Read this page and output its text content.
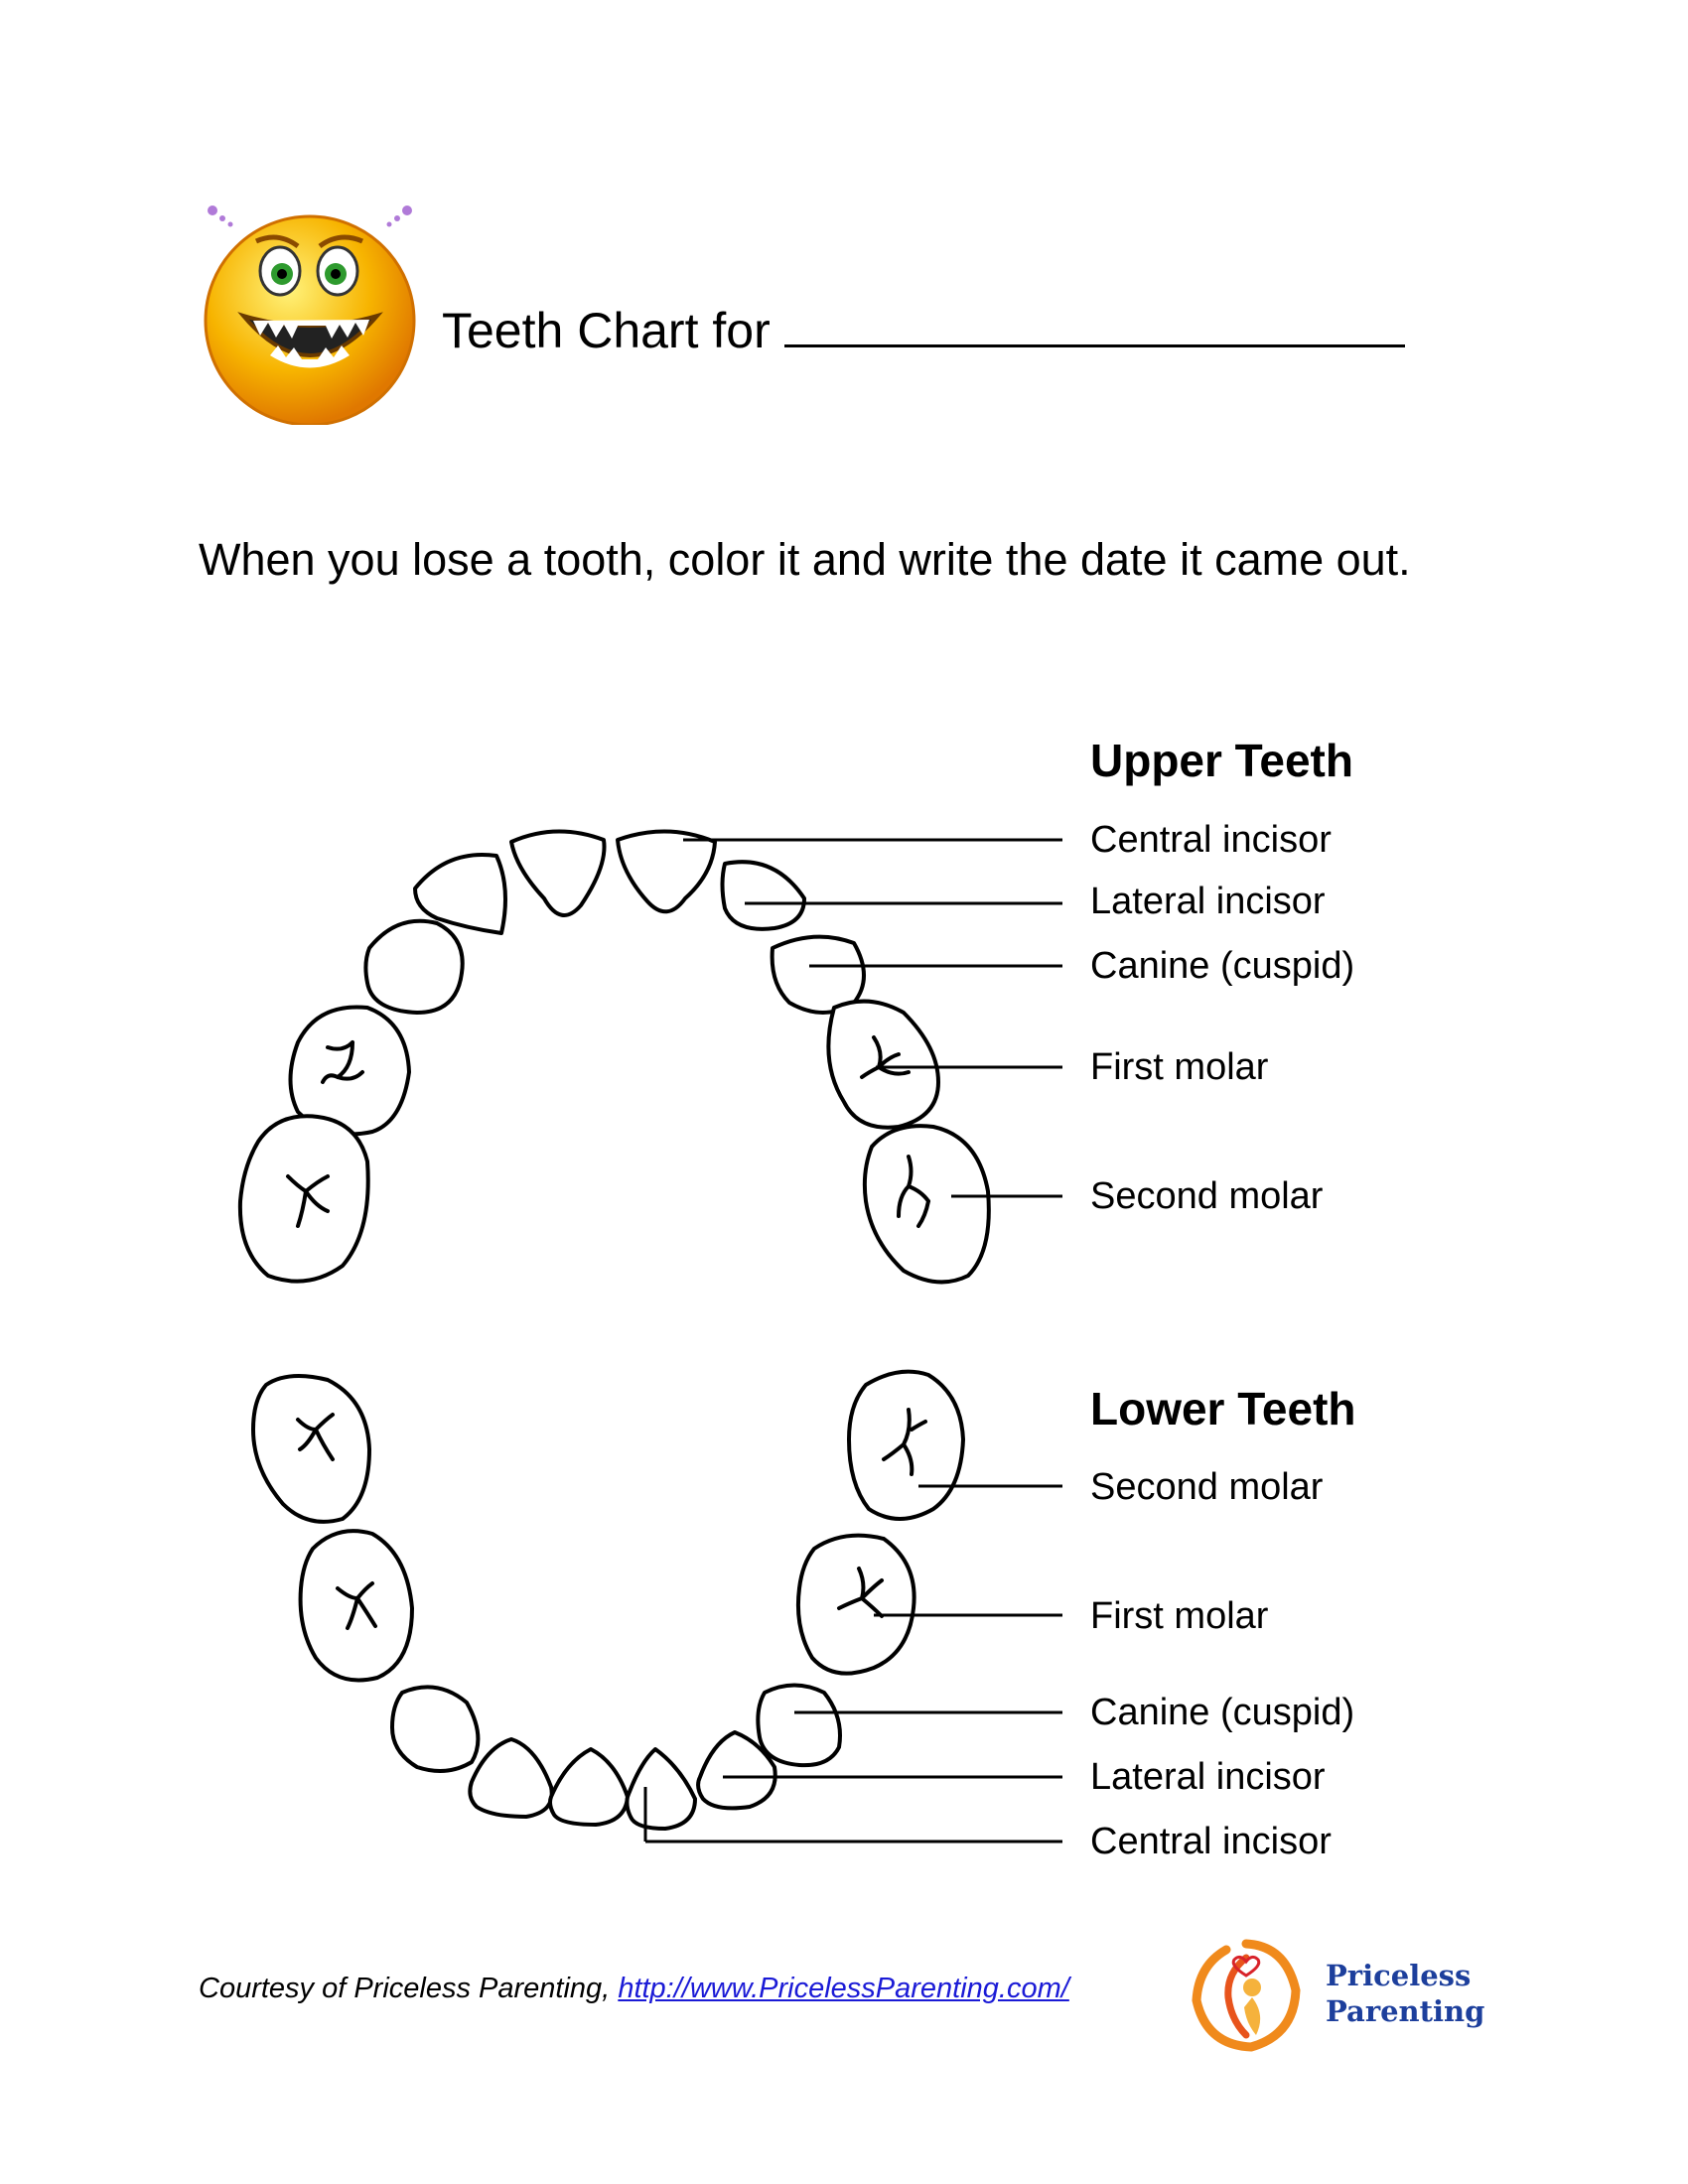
Teeth Chart for
When you lose a tooth, color it and write the date it came out.
Upper Teeth
Central incisor
Lateral incisor
Canine (cuspid)
First molar
Second molar
Lower Teeth
Second molar
First molar
Canine (cuspid)
Lateral incisor
Central incisor
Courtesy of Priceless Parenting, http://www.PricelessParenting.com/	Priceless
Parenting
